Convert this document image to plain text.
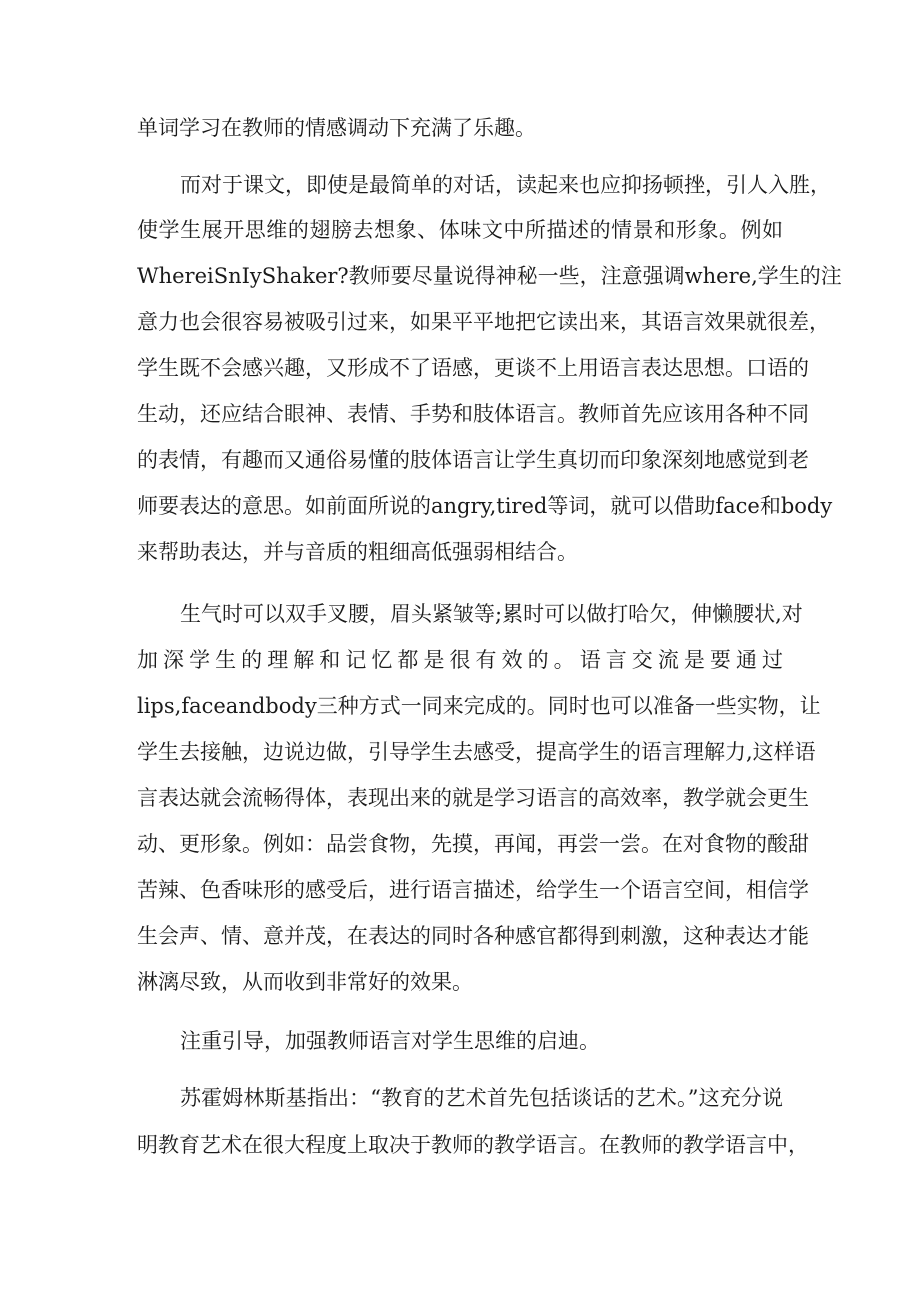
单词学习在教师的情感调动下充满了乐趣。
而对于课文，即使是最简单的对话，读起来也应抑扬顿挫，引人入胜，
使学生展开思维的翅膀去想象、体味文中所描述的情景和形象。例如
WhereiSnIyShaker?教师要尽量说得神秘一些，注意强调where,学生的注
意力也会很容易被吸引过来，如果平平地把它读出来，其语言效果就很差，
学生既不会感兴趣，又形成不了语感，更谈不上用语言表达思想。口语的
生动，还应结合眼神、表情、手势和肢体语言。教师首先应该用各种不同
的表情，有趣而又通俗易懂的肢体语言让学生真切而印象深刻地感觉到老
师要表达的意思。如前面所说的angry,tired等词，就可以借助face和body
来帮助表达，并与音质的粗细高低强弱相结合。
生气时可以双手叉腰，眉头紧皱等;累时可以做打哈欠，伸懒腰状,对
加深学生的理解和记忆都是很有效的。语言交流是要通过
lips,faceandbody三种方式一同来完成的。同时也可以准备一些实物，让
学生去接触，边说边做，引导学生去感受，提高学生的语言理解力,这样语
言表达就会流畅得体，表现出来的就是学习语言的高效率，教学就会更生
动、更形象。例如：品尝食物，先摸，再闻，再尝一尝。在对食物的酸甜
苦辣、色香味形的感受后，进行语言描述，给学生一个语言空间，相信学
生会声、情、意并茂，在表达的同时各种感官都得到刺激，这种表达才能
淋漓尽致，从而收到非常好的效果。
注重引导，加强教师语言对学生思维的启迪。
苏霍姆林斯基指出：“教育的艺术首先包括谈话的艺术。”这充分说
明教育艺术在很大程度上取决于教师的教学语言。在教师的教学语言中，
